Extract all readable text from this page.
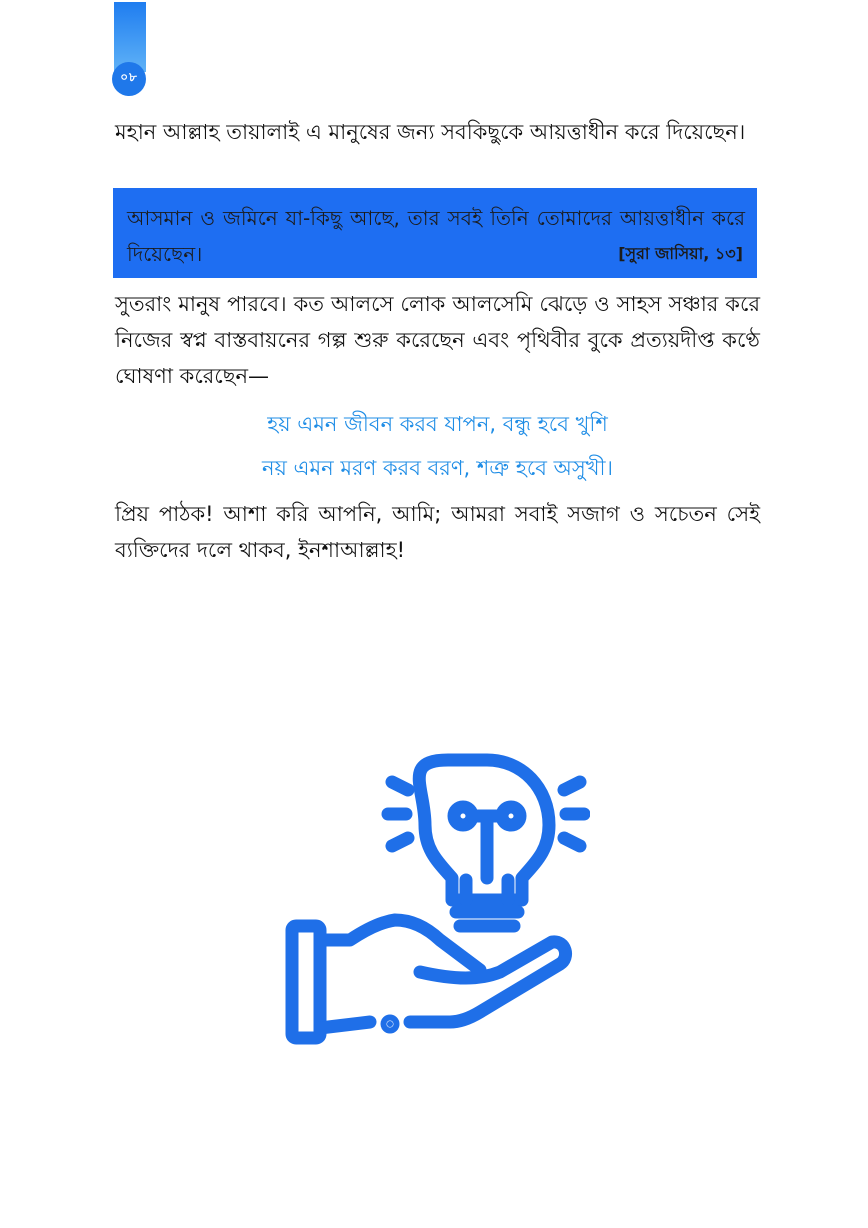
০৮

মহান আল্লাহ তায়ালাই এ মানুষের জন্য সবকিছুকে আয়ত্তাধীন করে দিয়েছেন।

আসমান ও জমিনে যা-কিছু আছে, তার সবই তিনি তোমাদের আয়ত্তাধীন করে দিয়েছেন।	[সুরা জাসিয়া, ১৩]

সুতরাং মানুষ পারবে। কত আলসে লোক আলসেমি ঝেড়ে ও সাহস সঞ্চার করে নিজের স্বপ্ন বাস্তবায়নের গল্প শুরু করেছেন এবং পৃথিবীর বুকে প্রত্যয়দীপ্ত কণ্ঠে ঘোষণা করেছেন—

হয় এমন জীবন করব যাপন, বন্ধু হবে খুশি

নয় এমন মরণ করব বরণ, শত্রু হবে অসুখী।

প্রিয় পাঠক! আশা করি আপনি, আমি; আমরা সবাই সজাগ ও সচেতন সেই ব্যক্তিদের দলে থাকব, ইনশাআল্লাহ!
